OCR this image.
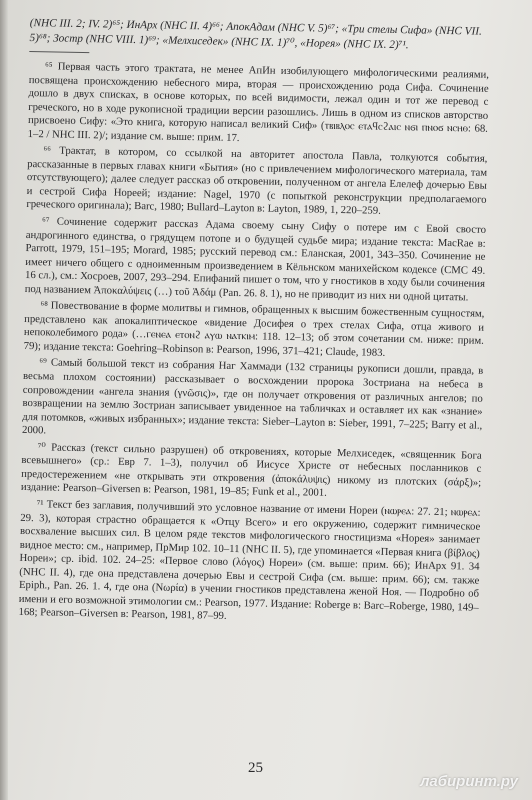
(NHC III. 2; IV. 2)⁶⁵; ИнАрх (NHC II. 4)⁶⁶; АпокАдам (NHC V. 5)⁶⁷; «Три стелы Сифа» (NHC VII. 5)⁶⁸; Зостр (NHC VIII. 1)⁶⁹; «Мелхиседек» (NHC IX. 1)⁷⁰, «Норея» (NHC IX. 2)⁷¹.

⁶⁵ Первая часть этого трактата, не менее АпИн изобилующего мифологическими реалиями, посвящена происхождению небесного мира, вторая — происхождению рода Сифа. Сочинение дошло в двух списках, в основе которых, по всей видимости, лежал один и тот же перевод с греческого, но в ходе рукописной традиции версии разошлись. Лишь в одном из списков авторство присвоено Сифу: «Это книга, которую написал великий Сиф» (ⲧⲃⲓⲃⲗⲟⲥ ⲉⲧⲁϥⲥϩⲁⲓⲥ ⲛϭⲓ ⲡⲛⲟϭ ⲛⲥⲏⲑ: 68. 1–2 / NHC III. 2)/; издание см. выше: прим. 17.

⁶⁶ Трактат, в котором, со ссылкой на авторитет апостола Павла, толкуются события, рассказанные в первых главах книги «Бытия» (но с привлечением мифологического материала, там отсутствующего); далее следует рассказ об откровении, полученном от ангела Елелеф дочерью Евы и сестрой Сифа Нореей; издание: Nagel, 1970 (с попыткой реконструкции предполагаемого греческого оригинала); Barc, 1980; Bullard–Layton в: Layton, 1989, 1, 220–259.

⁶⁷ Сочинение содержит рассказ Адама своему сыну Сифу о потере им с Евой свосто андрогинного единства, о грядущем потопе и о будущей судьбе мира; издание текста: MacRae в: Parrott, 1979, 151–195; Morard, 1985; русский перевод см.: Еланская, 2001, 343–350. Сочинение не имеет ничего общего с одноименным произведением в Кёльнском манихейском кодексе (CMC 49. 16 сл.), см.: Хосроев, 2007, 293–294. Епифаний пишет о том, что у гностиков в ходу были сочинения под названием Ἀποκαλύψεις (…) τοῦ Ἀδάμ (Pan. 26. 8. 1), но не приводит из них ни одной цитаты.

⁶⁸ Повествование в форме молитвы и гимнов, обращенных к высшим божественным сущностям, представлено как апокалиптическое «видение Досифея о трех стелах Сифа, отца живого и непоколебимого рода» (…ⲅⲉⲛⲉⲁ ⲉⲧⲟⲛϩ ⲁⲩⲱ ⲛⲁⲧⲕⲓⲙ: 118. 12–13; об этом сочетании см. ниже: прим. 79); издание текста: Goehring–Robinson в: Pearson, 1996, 371–421; Claude, 1983.

⁶⁹ Самый большой текст из собрания Наг Хаммади (132 страницы рукописи дошли, правда, в весьма плохом состоянии) рассказывает о восхождении пророка Зостриана на небеса в сопровождении «ангела знания (γνῶσις)», где он получает откровения от различных ангелов; по возвращении на землю Зостриан записывает увиденное на табличках и оставляет их как «знание» для потомков, «живых избранных»; издание текста: Sieber–Layton в: Sieber, 1991, 7–225; Barry et al., 2000.

⁷⁰ Рассказ (текст сильно разрушен) об откровениях, которые Мелхиседек, «священник Бога всевышнего» (ср.: Евр 7. 1–3), получил об Иисусе Христе от небесных посланников с предостережением «не открывать эти откровения (ἀποκάλυψις) никому из плотских (σάρξ)»; издание: Pearson–Giversen в: Pearson, 1981, 19–85; Funk et al., 2001.

⁷¹ Текст без заглавия, получивший это условное название от имени Нореи (ⲛⲱⲣⲉⲁ: 27. 21; ⲛⲱⲣⲉⲁ: 29. 3), которая страстно обращается к «Отцу Всего» и его окружению, содержит гимническое восхваление высших сил. В целом ряде текстов мифологического гностицизма «Норея» занимает видное место: см., например, ПрМир 102. 10–11 (NHC II. 5), где упоминается «Первая книга (βίβλος) Нореи»; ср. ibid. 102. 24–25: «Первое слово (λόγος) Нореи» (см. выше: прим. 66); ИнАрх 91. 34 (NHC II. 4), где она представлена дочерью Евы и сестрой Сифа (см. выше: прим. 66); см. также Epiph., Pan. 26. 1. 4, где она (Νωρία) в учении гностиков представлена женой Ноя. — Подробно об имени и его возможной этимологии см.: Pearson, 1977. Издание: Roberge в: Barc–Roberge, 1980, 149–168; Pearson–Giversen в: Pearson, 1981, 87–99.

25
лабиринт.ру
